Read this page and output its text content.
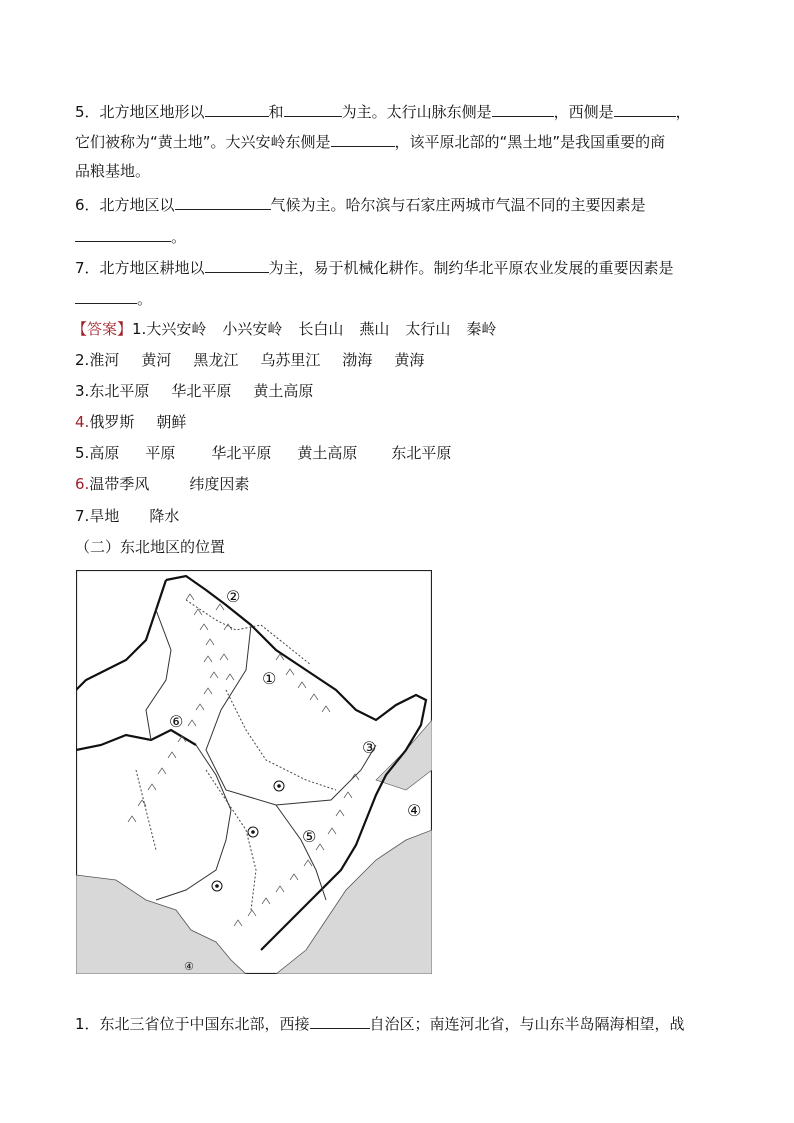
5．北方地区地形以	和	为主。太行山脉东侧是	，西侧是	，
它们被称为“黄土地”。大兴安岭东侧是	，该平原北部的“黑土地”是我国重要的商
品粮基地。
6．北方地区以	气候为主。哈尔滨与石家庄两城市气温不同的主要因素是
。
7．北方地区耕地以	为主，易于机械化耕作。制约华北平原农业发展的重要因素是
。
【答案】1.大兴安岭 小兴安岭 长白山 燕山 太行山 秦岭
2.淮河 黄河 黑龙江 乌苏里江 渤海 黄海
3.东北平原 华北平原 黄土高原
4.俄罗斯 朝鲜
5.高原 平原 华北平原 黄土高原 东北平原
6.温带季风	纬度因素
7.旱地 降水
（二）东北地区的位置
①
②
③
④
⑤
⑥
④
1．东北三省位于中国东北部，西接	自治区；南连河北省，与山东半岛隔海相望，战
